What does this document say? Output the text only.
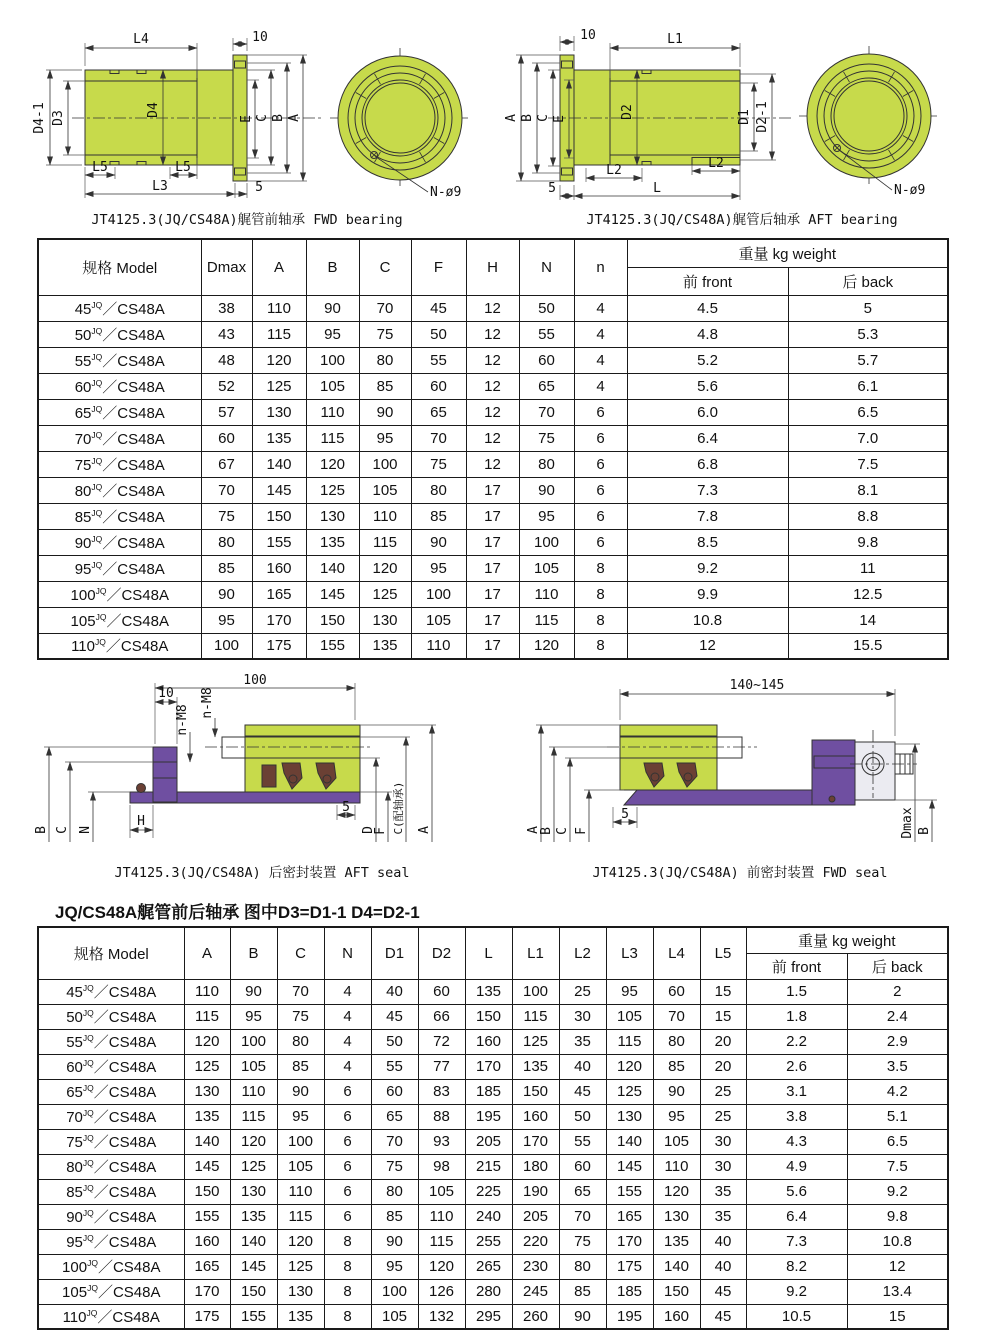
L4	10
D4-1 D3
D4
E C B A
L5	L5
L3	5	N-ø9
JT4125.3(JQ/CS48A)艉管前轴承 FWD bearing
10	L1
A B C E	D2	D1 D2-1
5
L2	L2
L	N-ø9
JT4125.3(JQ/CS48A)艉管后轴承 AFT bearing
规格 Model	Dmax	A	B	C	F	H	N	n	重量 kg weight	
									前 front	后 back
$45^{JQ}/CS48A$	38	110	90	70	45	12	50	4	4.5	5
$50^{JQ}/CS48A$	43	115	95	75	50	12	55	4	4.8	5.3
$55^{JQ}/CS48A$	48	120	100	80	55	12	60	4	5.2	5.7
$60^{JQ}/CS48A$	52	125	105	85	60	12	65	4	5.6	6.1
$65^{JQ}/CS48A$	57	130	110	90	65	12	70	6	6.0	6.5
$70^{JQ}/CS48A$	60	135	115	95	70	12	75	6	6.4	7.0
$75^{JQ}/CS48A$	67	140	120	100	75	12	80	6	6.8	7.5
$80^{JQ}/CS48A$	70	145	125	105	80	17	90	6	7.3	8.1
$85^{JQ}/CS48A$	75	150	130	110	85	17	95	6	7.8	8.8
$90^{JQ}/CS48A$	80	155	135	115	90	17	100	6	8.5	9.8
$95^{JQ}/CS48A$	85	160	140	120	95	17	105	8	9.2	11
$100^{JQ}/CS48A$	90	165	145	125	100	17	110	8	9.9	12.5
$105^{JQ}/CS48A$	95	170	150	130	105	17	115	8	10.8	14
$110^{JQ}/CS48A$	100	175	155	135	110	17	120	8	12	15.5
100
10
n-M8
n-M8
B C N
H
5
D
F C(配轴承) A
JT4125.3(JQ/CS48A) 后密封装置 AFT seal
140~145
A
B C F
5	Dmax B
JT4125.3(JQ/CS48A) 前密封装置 FWD seal
JQ/CS48A艉管前后轴承 图中D3=D1-1 D4=D2-1
规格 Model	A	B	C	N	D1	D2	L	L1	L2	L3	L4	L5	重量 kg weight	
													前 front	后 back
$45^{JQ}/CS48A$	110	90	70	4	40	60	135	100	25	95	60	15	1.5	2
$50^{JQ}/CS48A$	115	95	75	4	45	66	150	115	30	105	70	15	1.8	2.4
$55^{JQ}/CS48A$	120	100	80	4	50	72	160	125	35	115	80	20	2.2	2.9
$60^{JQ}/CS48A$	125	105	85	4	55	77	170	135	40	120	85	20	2.6	3.5
$65^{JQ}/CS48A$	130	110	90	6	60	83	185	150	45	125	90	25	3.1	4.2
$70^{JQ}/CS48A$	135	115	95	6	65	88	195	160	50	130	95	25	3.8	5.1
$75^{JQ}/CS48A$	140	120	100	6	70	93	205	170	55	140	105	30	4.3	6.5
$80^{JQ}/CS48A$	145	125	105	6	75	98	215	180	60	145	110	30	4.9	7.5
$85^{JQ}/CS48A$	150	130	110	6	80	105	225	190	65	155	120	35	5.6	9.2
$90^{JQ}/CS48A$	155	135	115	6	85	110	240	205	70	165	130	35	6.4	9.8
$95^{JQ}/CS48A$	160	140	120	8	90	115	255	220	75	170	135	40	7.3	10.8
$100^{JQ}/CS48A$	165	145	125	8	95	120	265	230	80	175	140	40	8.2	12
$105^{JQ}/CS48A$	170	150	130	8	100	126	280	245	85	185	150	45	9.2	13.4
$110^{JQ}/CS48A$	175	155	135	8	105	132	295	260	90	195	160	45	10.5	15
